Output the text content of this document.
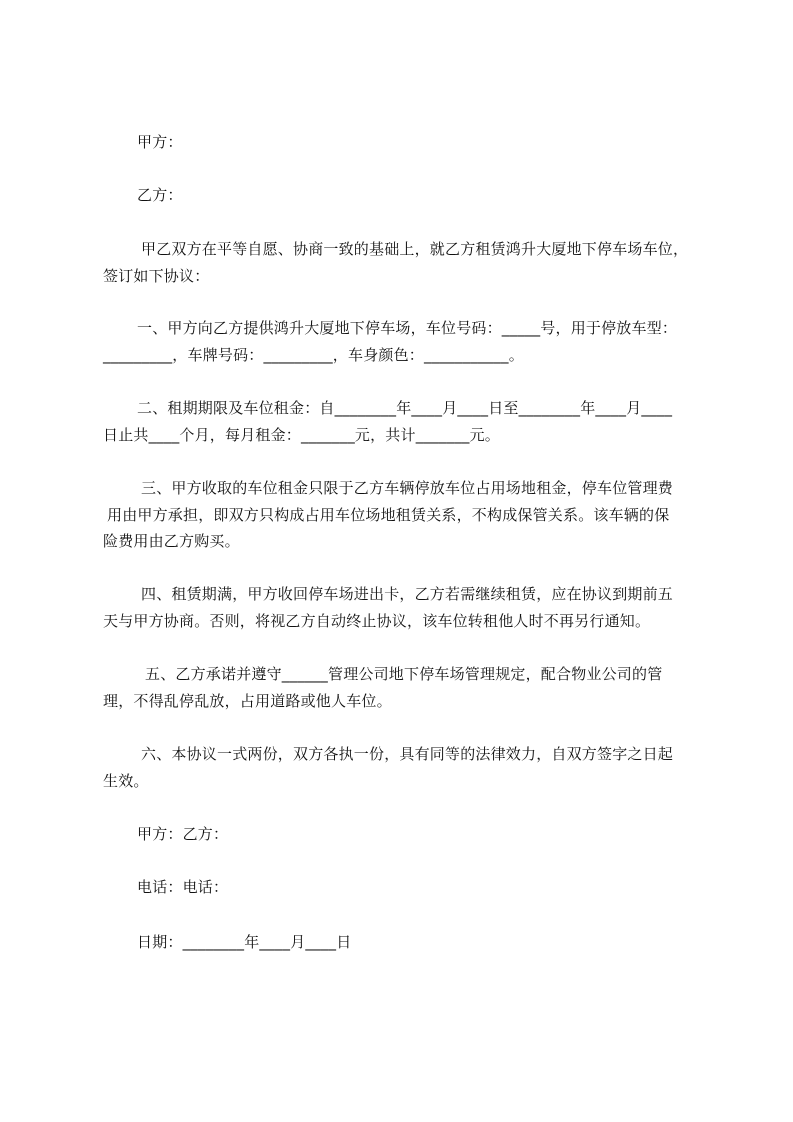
甲方：
乙方：
甲乙双方在平等自愿、协商一致的基础上，就乙方租赁鸿升大厦地下停车场车位，
签订如下协议：
一、甲方向乙方提供鸿升大厦地下停车场，车位号码：_____号，用于停放车型：
_________，车牌号码：_________，车身颜色：___________。
二、租期期限及车位租金：自________年____月____日至________年____月____
日止共____个月，每月租金：_______元，共计_______元。
三、甲方收取的车位租金只限于乙方车辆停放车位占用场地租金，停车位管理费
用由甲方承担，即双方只构成占用车位场地租赁关系，不构成保管关系。该车辆的保
险费用由乙方购买。
四、租赁期满，甲方收回停车场进出卡，乙方若需继续租赁，应在协议到期前五
天与甲方协商。否则，将视乙方自动终止协议，该车位转租他人时不再另行通知。
五、乙方承诺并遵守______管理公司地下停车场管理规定，配合物业公司的管
理，不得乱停乱放，占用道路或他人车位。
六、本协议一式两份，双方各执一份，具有同等的法律效力，自双方签字之日起
生效。
甲方：乙方：
电话：电话：
日期：________年____月____日
